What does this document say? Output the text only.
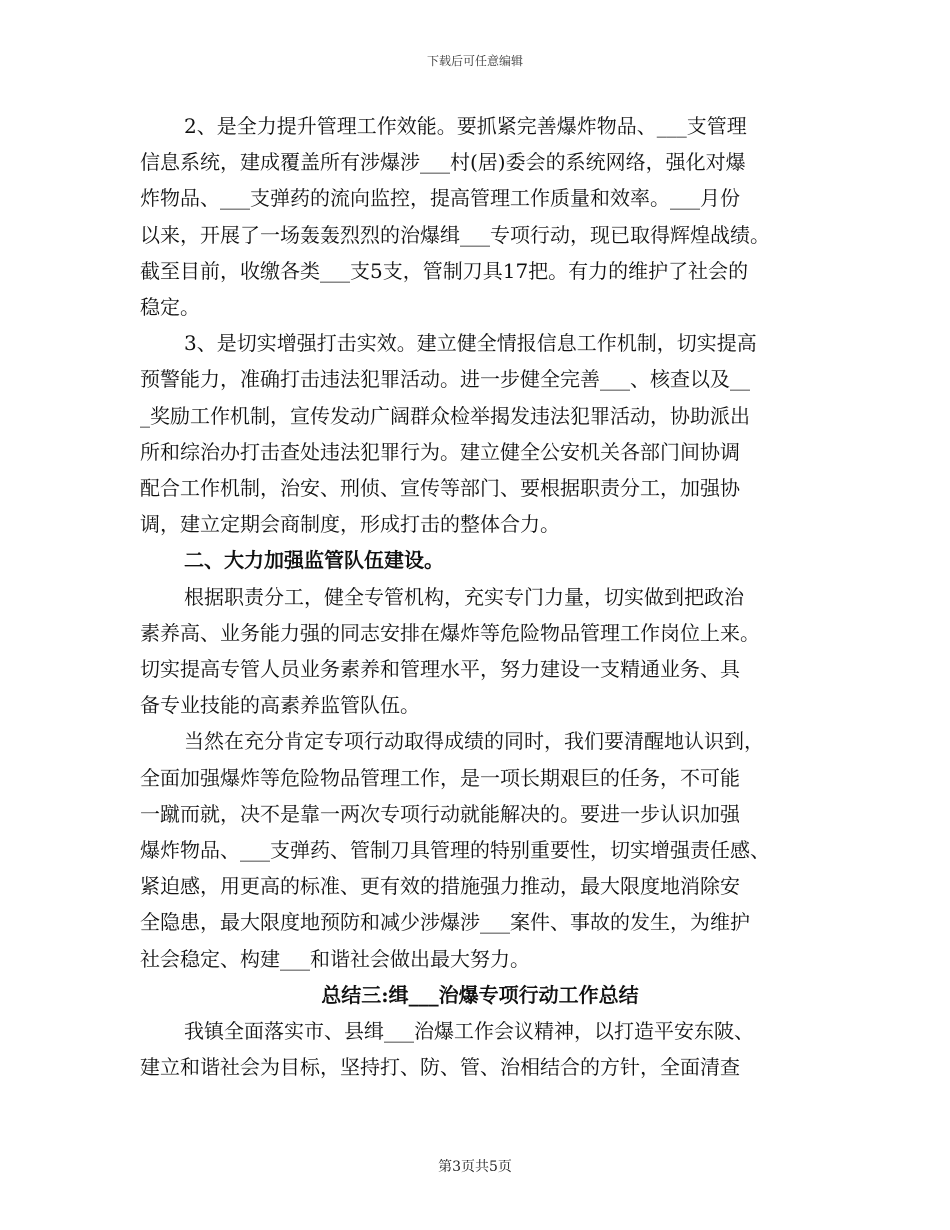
下载后可任意编辑
2、是全力提升管理工作效能。要抓紧完善爆炸物品、___支管理
信息系统，建成覆盖所有涉爆涉___村(居)委会的系统网络，强化对爆
炸物品、___支弹药的流向监控，提高管理工作质量和效率。___月份
以来，开展了一场轰轰烈烈的治爆缉___专项行动，现已取得辉煌战绩。
截至目前，收缴各类___支5支，管制刀具17把。有力的维护了社会的
稳定。
3、是切实增强打击实效。建立健全情报信息工作机制，切实提高
预警能力，准确打击违法犯罪活动。进一步健全完善___、核查以及__
_奖励工作机制，宣传发动广阔群众检举揭发违法犯罪活动，协助派出
所和综治办打击查处违法犯罪行为。建立健全公安机关各部门间协调
配合工作机制，治安、刑侦、宣传等部门、要根据职责分工，加强协
调，建立定期会商制度，形成打击的整体合力。
二、大力加强监管队伍建设。
根据职责分工，健全专管机构，充实专门力量，切实做到把政治
素养高、业务能力强的同志安排在爆炸等危险物品管理工作岗位上来。
切实提高专管人员业务素养和管理水平，努力建设一支精通业务、具
备专业技能的高素养监管队伍。
当然在充分肯定专项行动取得成绩的同时，我们要清醒地认识到，
全面加强爆炸等危险物品管理工作，是一项长期艰巨的任务，不可能
一蹴而就，决不是靠一两次专项行动就能解决的。要进一步认识加强
爆炸物品、___支弹药、管制刀具管理的特别重要性，切实增强责任感、
紧迫感，用更高的标准、更有效的措施强力推动，最大限度地消除安
全隐患，最大限度地预防和减少涉爆涉___案件、事故的发生，为维护
社会稳定、构建___和谐社会做出最大努力。
总结三:缉___治爆专项行动工作总结
我镇全面落实市、县缉___治爆工作会议精神，以打造平安东陂、
建立和谐社会为目标，坚持打、防、管、治相结合的方针，全面清查
第3页共5页
